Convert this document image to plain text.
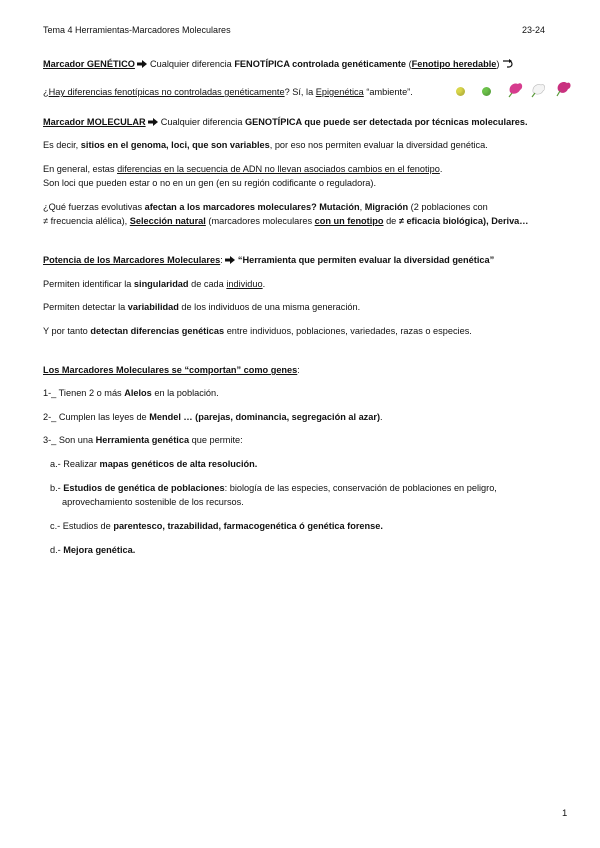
Tema 4 Herramientas-Marcadores Moleculares	23-24
Marcador GENÉTICO  Cualquier diferencia FENOTÍPICA controlada genéticamente (Fenotipo heredable)
¿Hay diferencias fenotípicas no controladas genéticamente? Sí, la Epigenética “ambiente”.
Marcador MOLECULAR  Cualquier diferencia GENOTÍPICA que puede ser detectada por técnicas moleculares.
Es decir, sitios en el genoma, loci, que son variables, por eso nos permiten evaluar la diversidad genética.
En general, estas diferencias en la secuencia de ADN no llevan asociados cambios en el fenotipo.
Son loci que pueden estar o no en un gen (en su región codificante o reguladora).
¿Qué fuerzas evolutivas afectan a los marcadores moleculares? Mutación, Migración (2 poblaciones con
≠ frecuencia alélica), Selección natural (marcadores moleculares con un fenotipo de ≠ eficacia biológica), Deriva…
Potencia de los Marcadores Moleculares:  “Herramienta que permiten evaluar la diversidad genética”
Permiten identificar la singularidad de cada individuo.
Permiten detectar la variabilidad de los individuos de una misma generación.
Y por tanto detectan diferencias genéticas entre individuos, poblaciones, variedades, razas o especies.
Los Marcadores Moleculares se “comportan” como genes:
1-_ Tienen 2 o más Alelos en la población.
2-_ Cumplen las leyes de Mendel … (parejas, dominancia, segregación al azar).
3-_ Son una Herramienta genética que permite:
a.- Realizar mapas genéticos de alta resolución.
b.- Estudios de genética de poblaciones: biología de las especies, conservación de poblaciones en peligro,
aprovechamiento sostenible de los recursos.
c.- Estudios de parentesco, trazabilidad, farmacogenética ó genética forense.
d.- Mejora genética.
1
